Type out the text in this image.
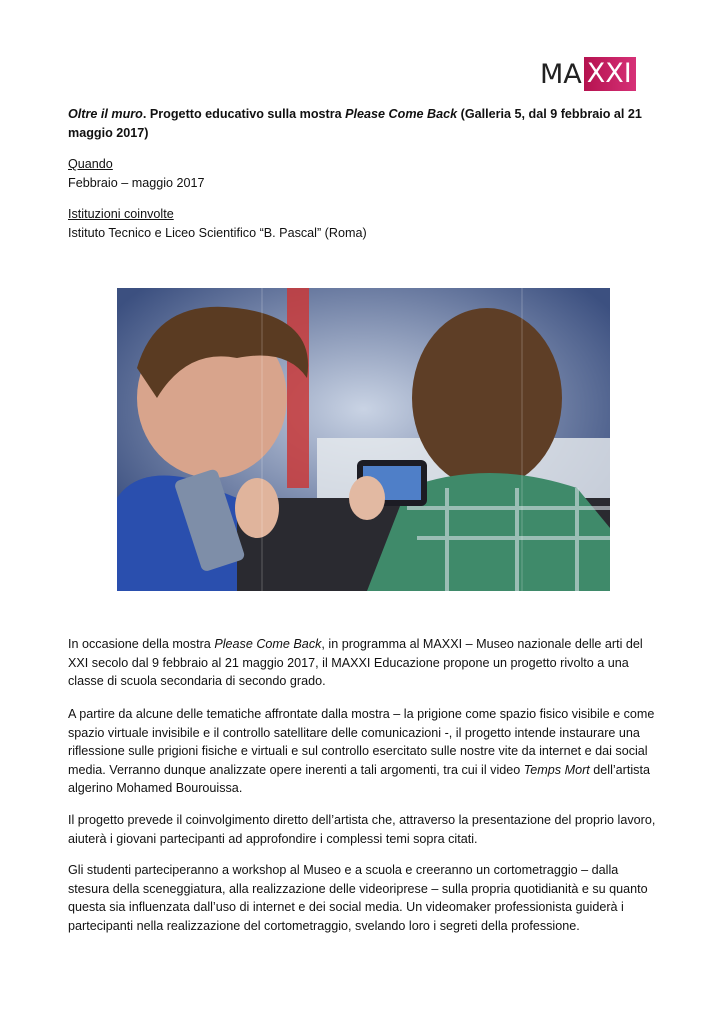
MA XXI

Oltre il muro. Progetto educativo sulla mostra Please Come Back (Galleria 5, dal 9 febbraio al 21 maggio 2017)

Quando
Febbraio – maggio 2017
Istituzioni coinvolte
Istituto Tecnico e Liceo Scientifico “B. Pascal” (Roma)

In occasione della mostra Please Come Back, in programma al MAXXI – Museo nazionale delle arti del XXI secolo dal 9 febbraio al 21 maggio 2017, il MAXXI Educazione propone un progetto rivolto a una classe di scuola secondaria di secondo grado.

A partire da alcune delle tematiche affrontate dalla mostra – la prigione come spazio fisico visibile e come spazio virtuale invisibile e il controllo satellitare delle comunicazioni -, il progetto intende instaurare una riflessione sulle prigioni fisiche e virtuali e sul controllo esercitato sulle nostre vite da internet e dai social media. Verranno dunque analizzate opere inerenti a tali argomenti, tra cui il video Temps Mort dell’artista algerino Mohamed Bourouissa.

Il progetto prevede il coinvolgimento diretto dell’artista che, attraverso la presentazione del proprio lavoro, aiuterà i giovani partecipanti ad approfondire i complessi temi sopra citati.

Gli studenti parteciperanno a workshop al Museo e a scuola e creeranno un cortometraggio – dalla stesura della sceneggiatura, alla realizzazione delle videoriprese – sulla propria quotidianità e su quanto questa sia influenzata dall’uso di internet e dei social media. Un videomaker professionista guiderà i partecipanti nella realizzazione del cortometraggio, svelando loro i segreti della professione.
